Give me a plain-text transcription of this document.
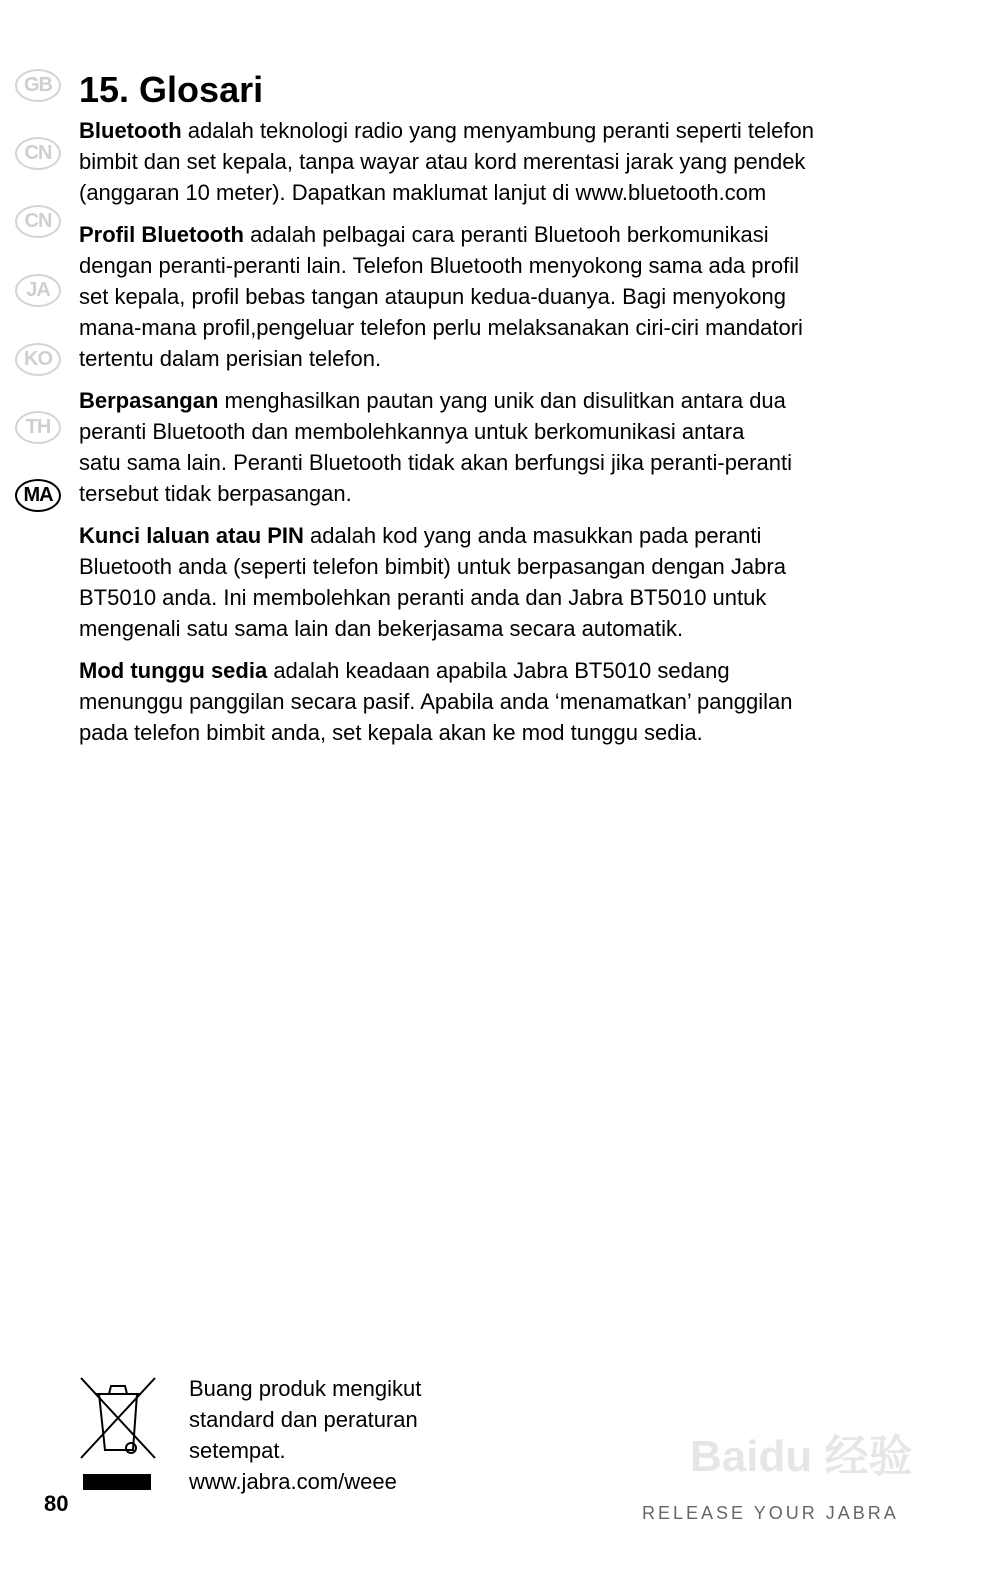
GB
CN
CN
JA
KO
TH
MA
15. Glosari
Bluetooth adalah teknologi radio yang menyambung peranti seperti telefon
bimbit dan set kepala, tanpa wayar atau kord merentasi jarak yang pendek
(anggaran 10 meter). Dapatkan maklumat lanjut di www.bluetooth.com
Profil Bluetooth adalah pelbagai cara peranti Bluetooh berkomunikasi
dengan peranti-peranti lain. Telefon Bluetooth menyokong sama ada profil
set kepala, profil bebas tangan ataupun kedua-duanya. Bagi menyokong
mana-mana profil,pengeluar telefon perlu melaksanakan ciri-ciri mandatori
tertentu dalam perisian telefon.
Berpasangan menghasilkan pautan yang unik dan disulitkan antara dua
peranti Bluetooth dan membolehkannya untuk berkomunikasi antara
satu sama lain. Peranti Bluetooth tidak akan berfungsi jika peranti-peranti
tersebut tidak berpasangan.
Kunci laluan atau PIN adalah kod yang anda masukkan pada peranti
Bluetooth anda (seperti telefon bimbit) untuk berpasangan dengan Jabra
BT5010 anda. Ini membolehkan peranti anda dan Jabra BT5010 untuk
mengenali satu sama lain dan bekerjasama secara automatik.
Mod tunggu sedia adalah keadaan apabila Jabra BT5010 sedang
menunggu panggilan secara pasif. Apabila anda ‘menamatkan’ panggilan
pada telefon bimbit anda, set kepala akan ke mod tunggu sedia.
Buang produk mengikut
standard dan peraturan
setempat.
www.jabra.com/weee
80
Baidu 经验
RELEASE YOUR JABRA
